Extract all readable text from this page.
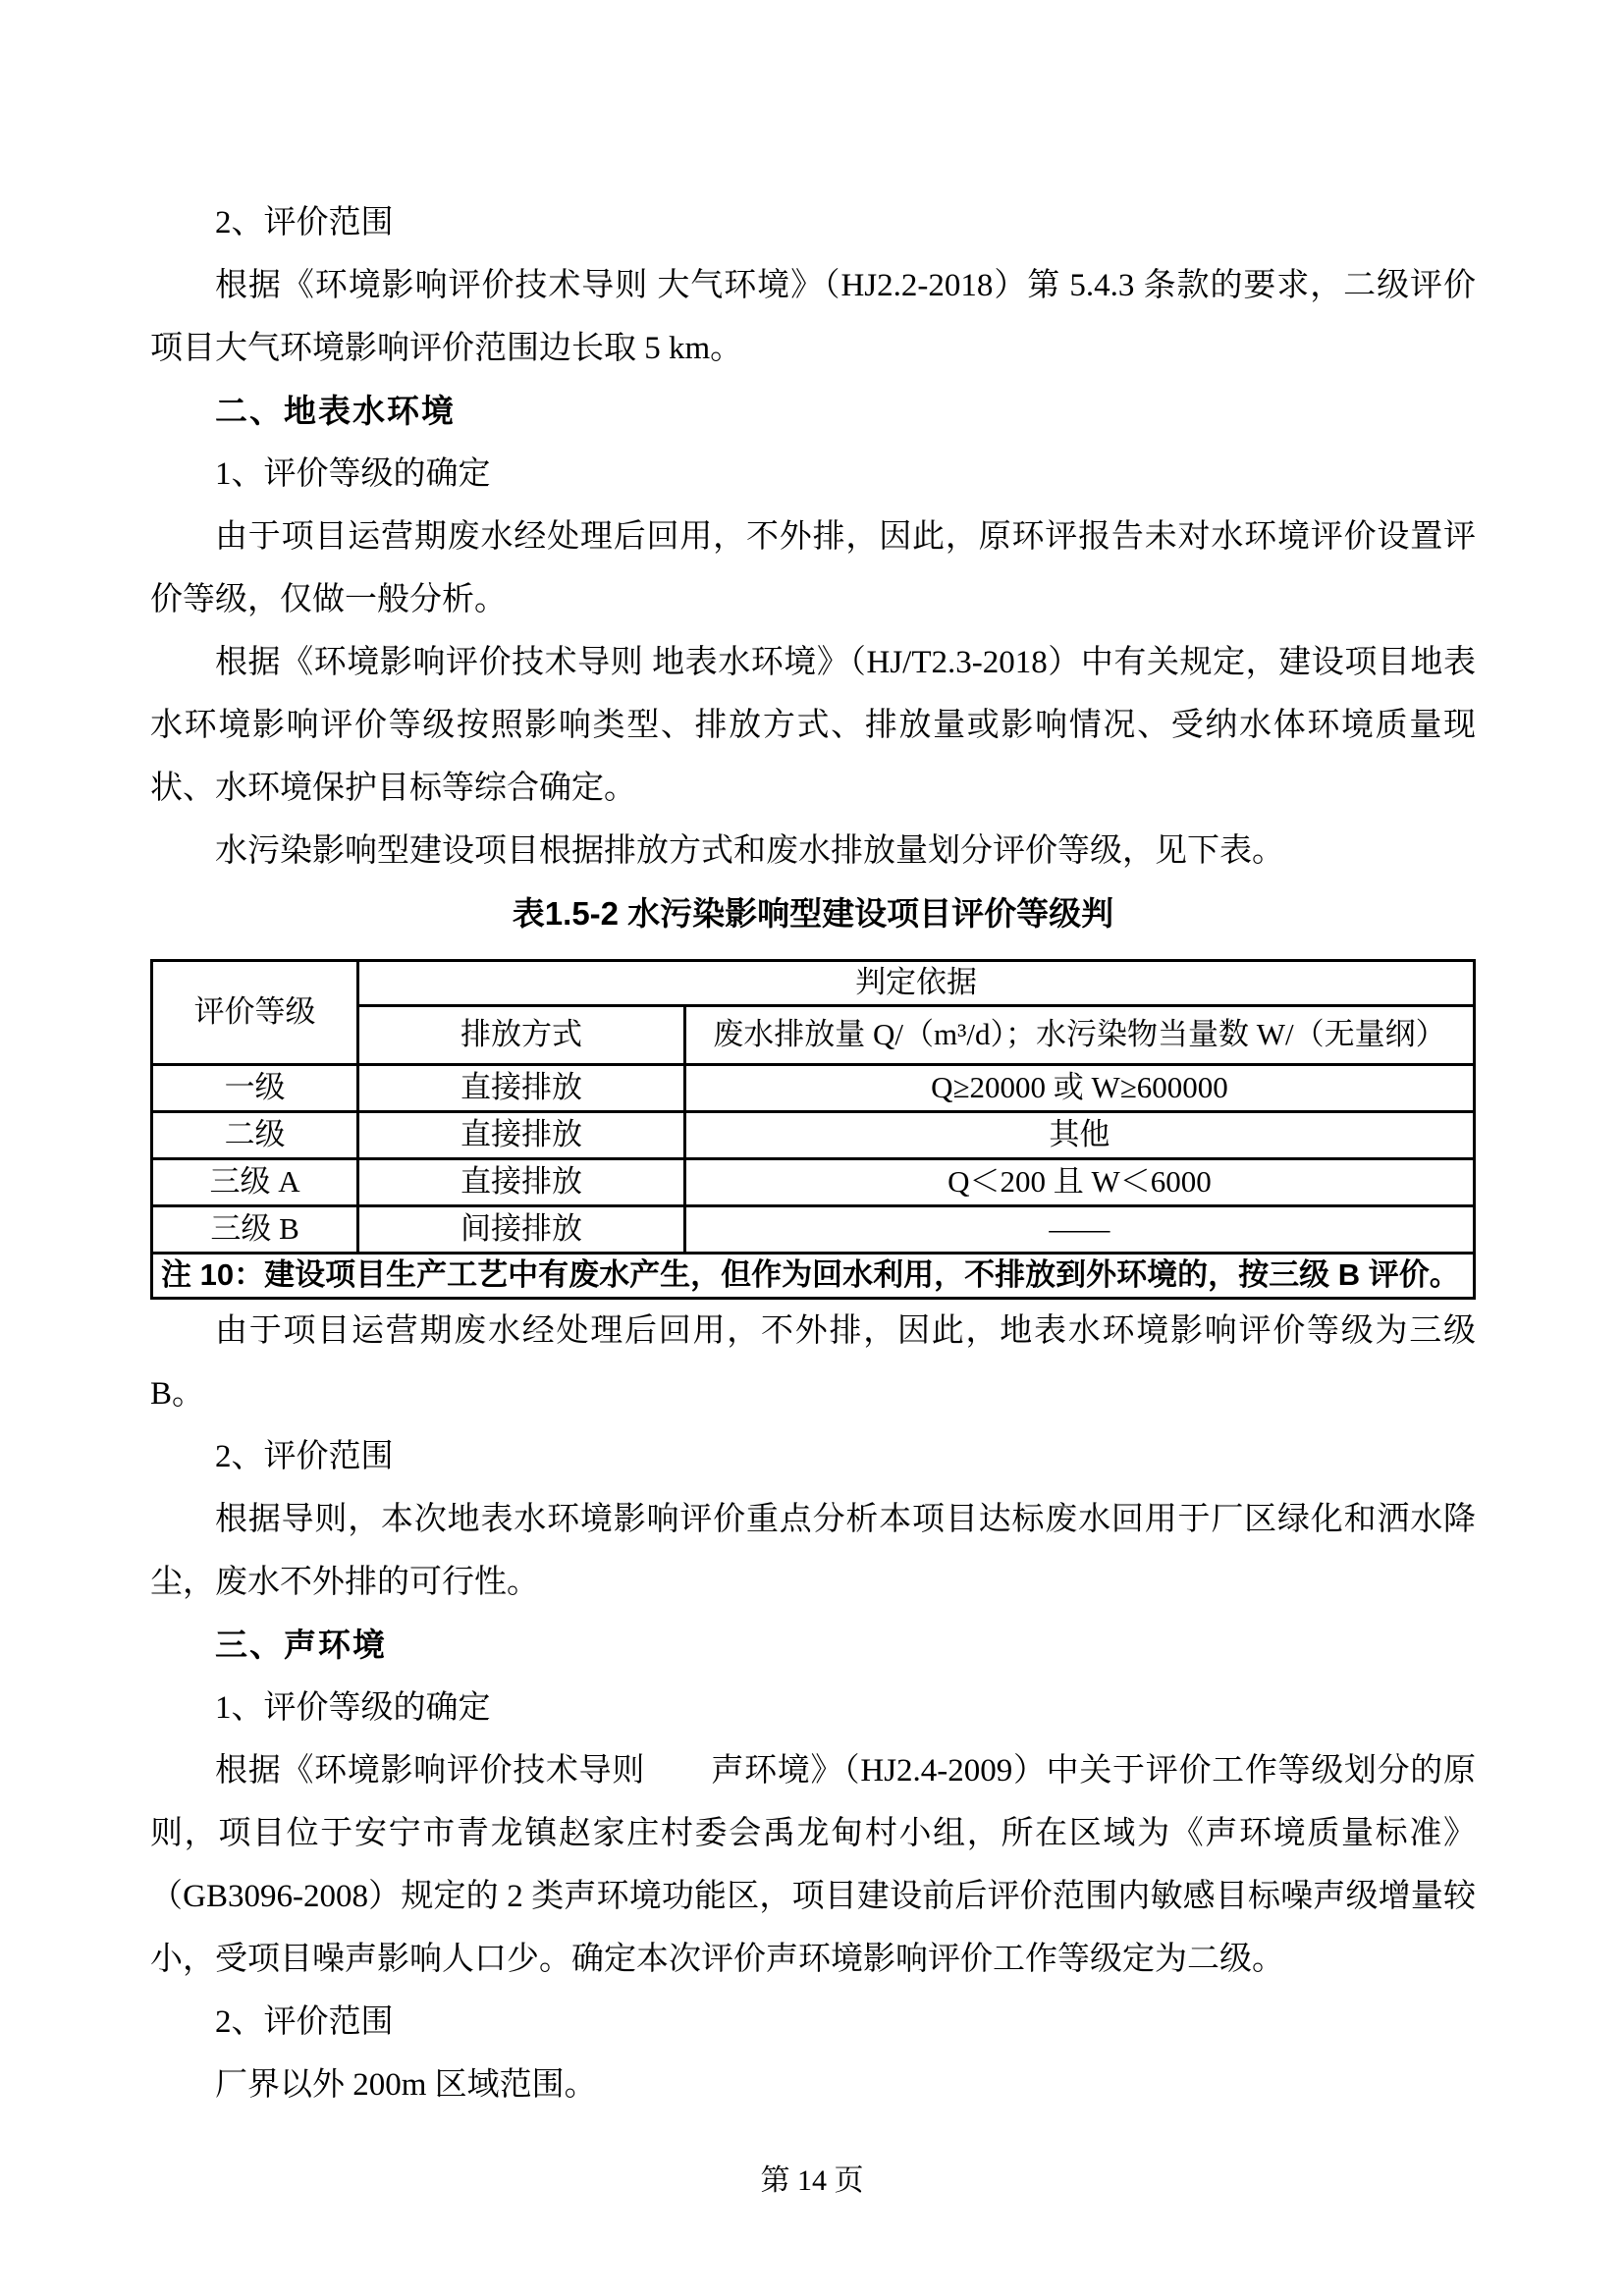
2、评价范围

根据《环境影响评价技术导则 大气环境》（HJ2.2-2018）第 5.4.3 条款的要求，二级评价项目大气环境影响评价范围边长取 5 km。

二、地表水环境

1、评价等级的确定

由于项目运营期废水经处理后回用，不外排，因此，原环评报告未对水环境评价设置评价等级，仅做一般分析。

根据《环境影响评价技术导则 地表水环境》（HJ/T2.3-2018）中有关规定，建设项目地表水环境影响评价等级按照影响类型、排放方式、排放量或影响情况、受纳水体环境质量现状、水环境保护目标等综合确定。

水污染影响型建设项目根据排放方式和废水排放量划分评价等级，见下表。

表1.5-2 水污染影响型建设项目评价等级判

评价等级	判定依据	
	排放方式	废水排放量 Q/（m³/d）；水污染物当量数 W/（无量纲）
一级	直接排放	Q≥20000 或 W≥600000
二级	直接排放	其他
三级 A	直接排放	Q＜200 且 W＜6000
三级 B	间接排放	——
注 10：建设项目生产工艺中有废水产生，但作为回水利用，不排放到外环境的，按三级 B 评价。		

由于项目运营期废水经处理后回用，不外排，因此，地表水环境影响评价等级为三级 B。

2、评价范围

根据导则，本次地表水环境影响评价重点分析本项目达标废水回用于厂区绿化和洒水降尘，废水不外排的可行性。

三、声环境

1、评价等级的确定

根据《环境影响评价技术导则　　声环境》（HJ2.4-2009）中关于评价工作等级划分的原则，项目位于安宁市青龙镇赵家庄村委会禹龙甸村小组，所在区域为《声环境质量标准》（GB3096-2008）规定的 2 类声环境功能区，项目建设前后评价范围内敏感目标噪声级增量较小，受项目噪声影响人口少。确定本次评价声环境影响评价工作等级定为二级。

2、评价范围

厂界以外 200m 区域范围。

第 14 页
